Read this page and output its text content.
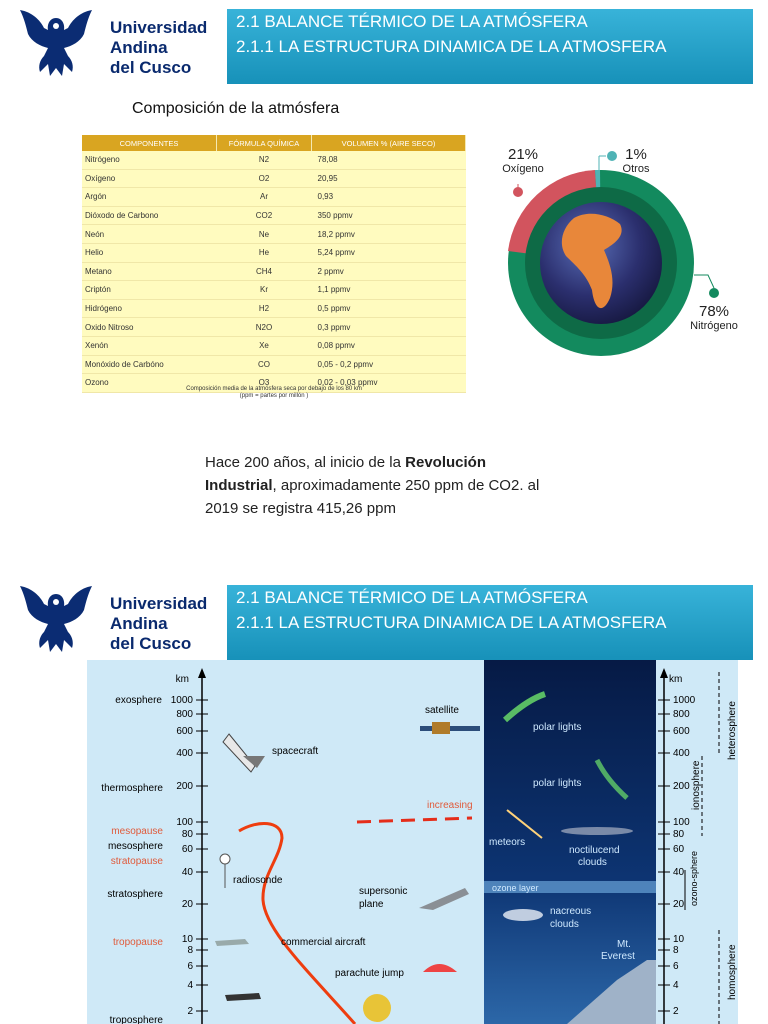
Universidad
Andina
del Cusco
2.1 BALANCE TÉRMICO DE LA ATMÓSFERA
2.1.1 LA ESTRUCTURA DINAMICA DE LA ATMOSFERA
Composición de la atmósfera
COMPONENTES	FÓRMULA QUÍMICA	VOLUMEN % (AIRE SECO)
Nitrógeno	N2	78,08
Oxígeno	O2	20,95
Argón	Ar	0,93
Dióxodo de Carbono	CO2	350 ppmv
Neón	Ne	18,2 ppmv
Helio	He	5,24 ppmv
Metano	CH4	2 ppmv
Criptón	Kr	1,1 ppmv
Hidrógeno	H2	0,5 ppmv
Oxido Nitroso	N2O	0,3 ppmv
Xenón	Xe	0,08 ppmv
Monóxido de Carbóno	CO	0,05 - 0,2 ppmv
Ozono	O3	0,02 - 0,03 ppmv
Composición media de la atmósfera seca por debajo de los 80 km
(ppm = partes por millón )
21%
Oxígeno
1%
Otros
78%
Nitrógeno
Hace 200 años, al inicio de la Revolución Industrial, aproximadamente 250 ppm de CO2. al 2019 se registra 415,26 ppm
Universidad
Andina
del Cusco
2.1 BALANCE TÉRMICO DE LA ATMÓSFERA
2.1.1 LA ESTRUCTURA DINAMICA DE LA ATMOSFERA
km
1000
800
600
400
200
100
80
60
40
20
10
8
6
4
2
km
1000
800
600
400
200
100
80
60
40
20
10
8
6
4
2
exosphere
thermosphere
mesopause
mesosphere
stratopause
stratosphere
tropopause
troposphere
increasing
satellite
spacecraft
radiosonde
supersonic
plane
commercial aircraft
parachute jump
polar lights
polar lights
meteors
noctilucend
clouds
ozone layer
nacreous
clouds
Mt.
Everest
heterosphere
ionosphere
ozono-sphere
homosphere
